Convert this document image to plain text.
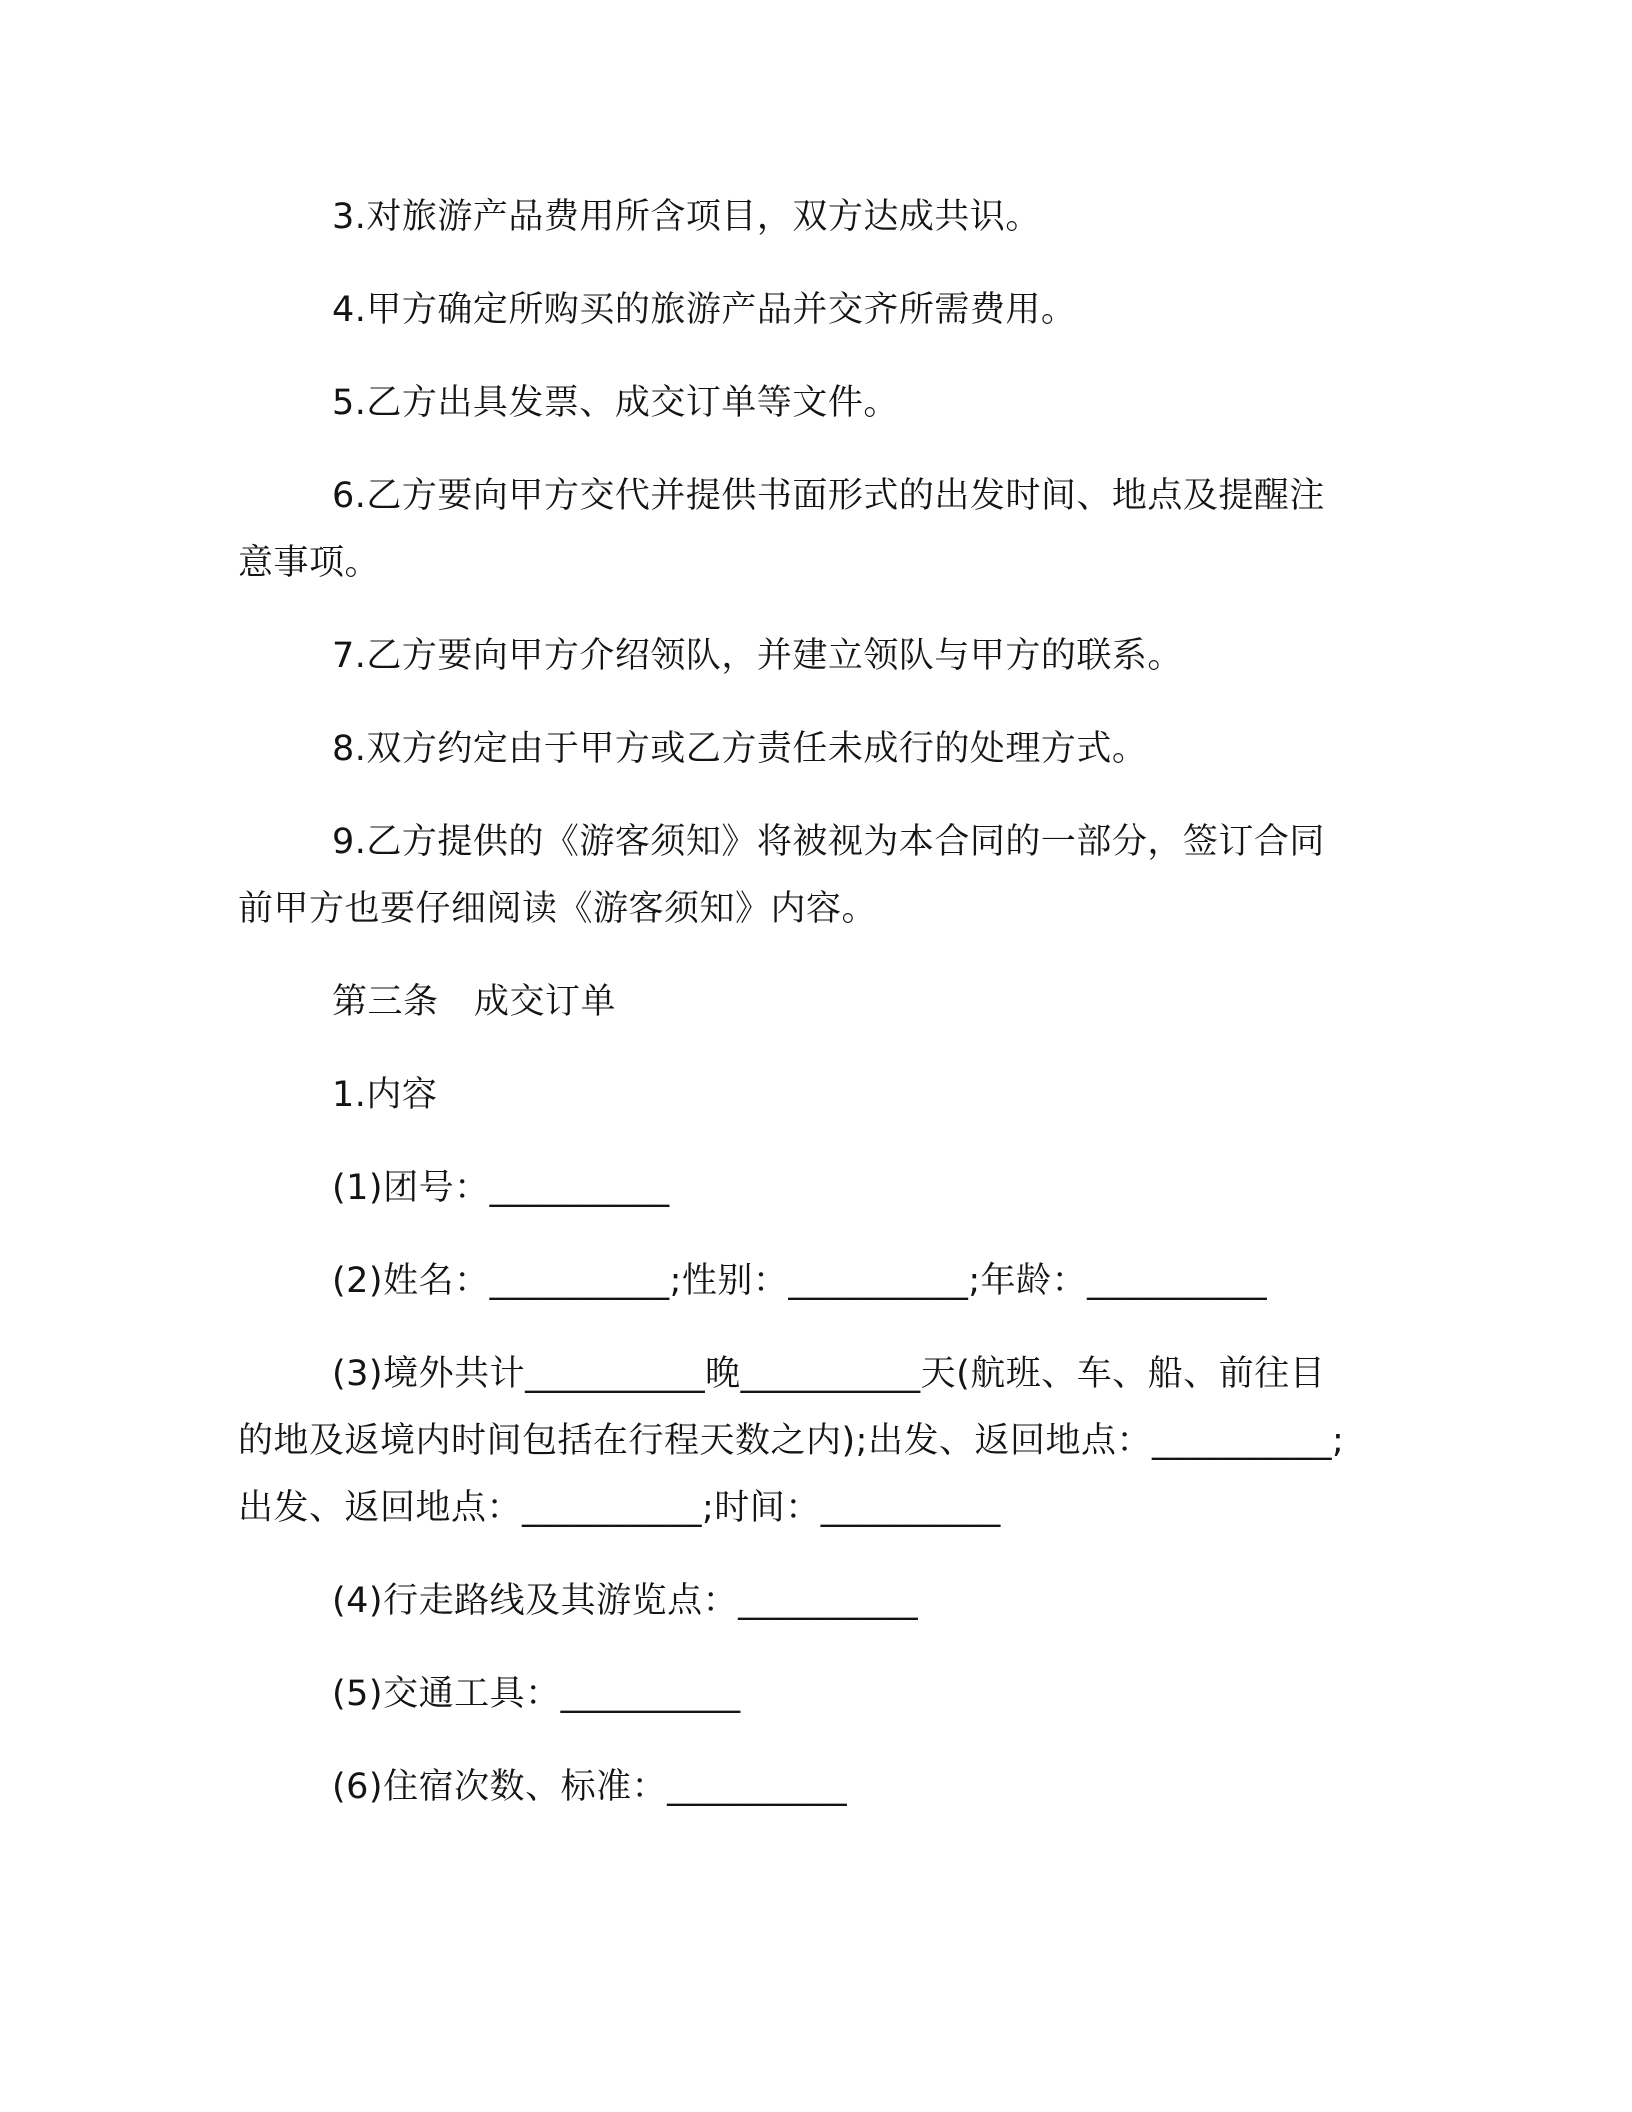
3.对旅游产品费用所含项目，双方达成共识。

4.甲方确定所购买的旅游产品并交齐所需费用。

5.乙方出具发票、成交订单等文件。

6.乙方要向甲方交代并提供书面形式的出发时间、地点及提醒注

意事项。

7.乙方要向甲方介绍领队，并建立领队与甲方的联系。

8.双方约定由于甲方或乙方责任未成行的处理方式。

9.乙方提供的《游客须知》将被视为本合同的一部分，签订合同

前甲方也要仔细阅读《游客须知》内容。

第三条　成交订单

1.内容

(1)团号：__________

(2)姓名：__________;性别：__________;年龄：__________

(3)境外共计__________晚__________天(航班、车、船、前往目

的地及返境内时间包括在行程天数之内);出发、返回地点：__________;

出发、返回地点：__________;时间：__________

(4)行走路线及其游览点：__________

(5)交通工具：__________

(6)住宿次数、标准：__________
